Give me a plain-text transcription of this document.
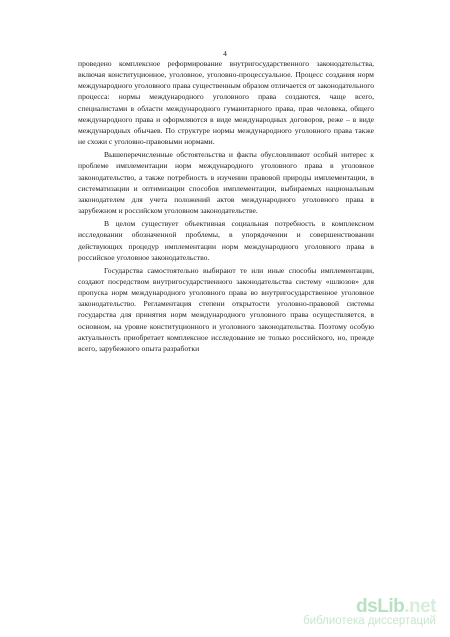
4

проведено комплексное реформирование внутригосударственного законодательства, включая конституционное, уголовное, уголовно-процессуальное. Процесс создания норм международного уголовного права существенным образом отличается от законодательного процесса: нормы международного уголовного права создаются, чаще всего, специалистами в области международного гуманитарного права, прав человека, общего международного права и оформляются в виде международных договоров, реже – в виде международных обычаев. По структуре нормы международного уголовного права также не схожи с уголовно-правовыми нормами.

Вышеперечисленные обстоятельства и факты обусловливают особый интерес к проблеме имплементации норм международного уголовного права в уголовное законодательство, а также потребность в изучении правовой природы имплементации, в систематизации и оптимизации способов имплементации, выбираемых национальным законодателем для учета положений актов международного уголовного права в зарубежном и российском уголовном законодательстве.

В целом существует объективная социальная потребность в комплексном исследовании обозначенной проблемы, в упорядочении и совершенствовании действующих процедур имплементации норм международного уголовного права в российское уголовное законодательство.

Государства самостоятельно выбирают те или иные способы имплементации, создают посредством внутригосударственного законодательства систему «шлюзов» для пропуска норм международного уголовного права во внутригосударственное уголовное законодательство. Регламентация степени открытости уголовно-правовой системы государства для принятия норм международного уголовного права осуществляется, в основном, на уровне конституционного и уголовного законодательства. Поэтому особую актуальность приобретает комплексное исследование не только российского, но, прежде всего, зарубежного опыта разработки

dsLib.net
библиотека диссертаций
